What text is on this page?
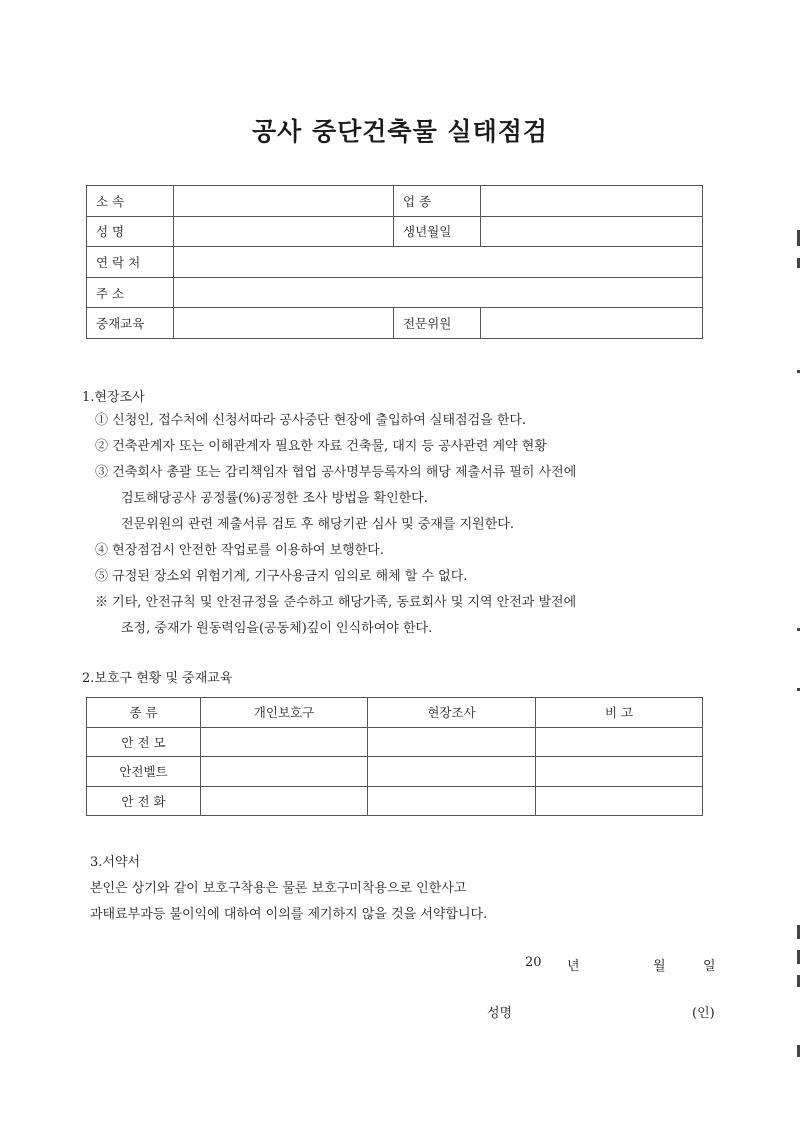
공사 중단건축물 실태점검
소 속		업 종	
성 명		생년월일	
연 락 처			
주 소			
중재교육		전문위원	
1.현장조사
① 신청인, 접수처에 신청서따라 공사중단 현장에 출입하여 실태점검을 한다.
② 건축관계자 또는 이해관계자 필요한 자료 건축물, 대지 등 공사관련 계약 현황
③ 건축회사 총괄 또는 감리책임자 협업 공사명부등록자의 해당 제출서류 필히 사전에
검토해당공사 공정률(%)공정한 조사 방법을 확인한다.
전문위원의 관련 제출서류 검토 후 해당기관 심사 및 중재를 지원한다.
④ 현장점검시 안전한 작업로를 이용하여 보행한다.
⑤ 규정된 장소외 위험기계, 기구사용금지 임의로 해체 할 수 없다.
※ 기타, 안전규칙 및 안전규정을 준수하고 해당가족, 동료회사 및 지역 안전과 발전에
조정, 중재가 원동력임을(공동체)깊이 인식하여야 한다.
2.보호구 현황 및 중재교육
종 류	개인보호구	현장조사	비 고
안 전 모			
안전벨트			
안 전 화			
3.서약서
본인은 상기와 같이 보호구착용은 물론 보호구미착용으로 인한사고
과태료부과등 불이익에 대하여 이의를 제기하지 않을 것을 서약합니다.
20 년	월	일
성명	(인)
